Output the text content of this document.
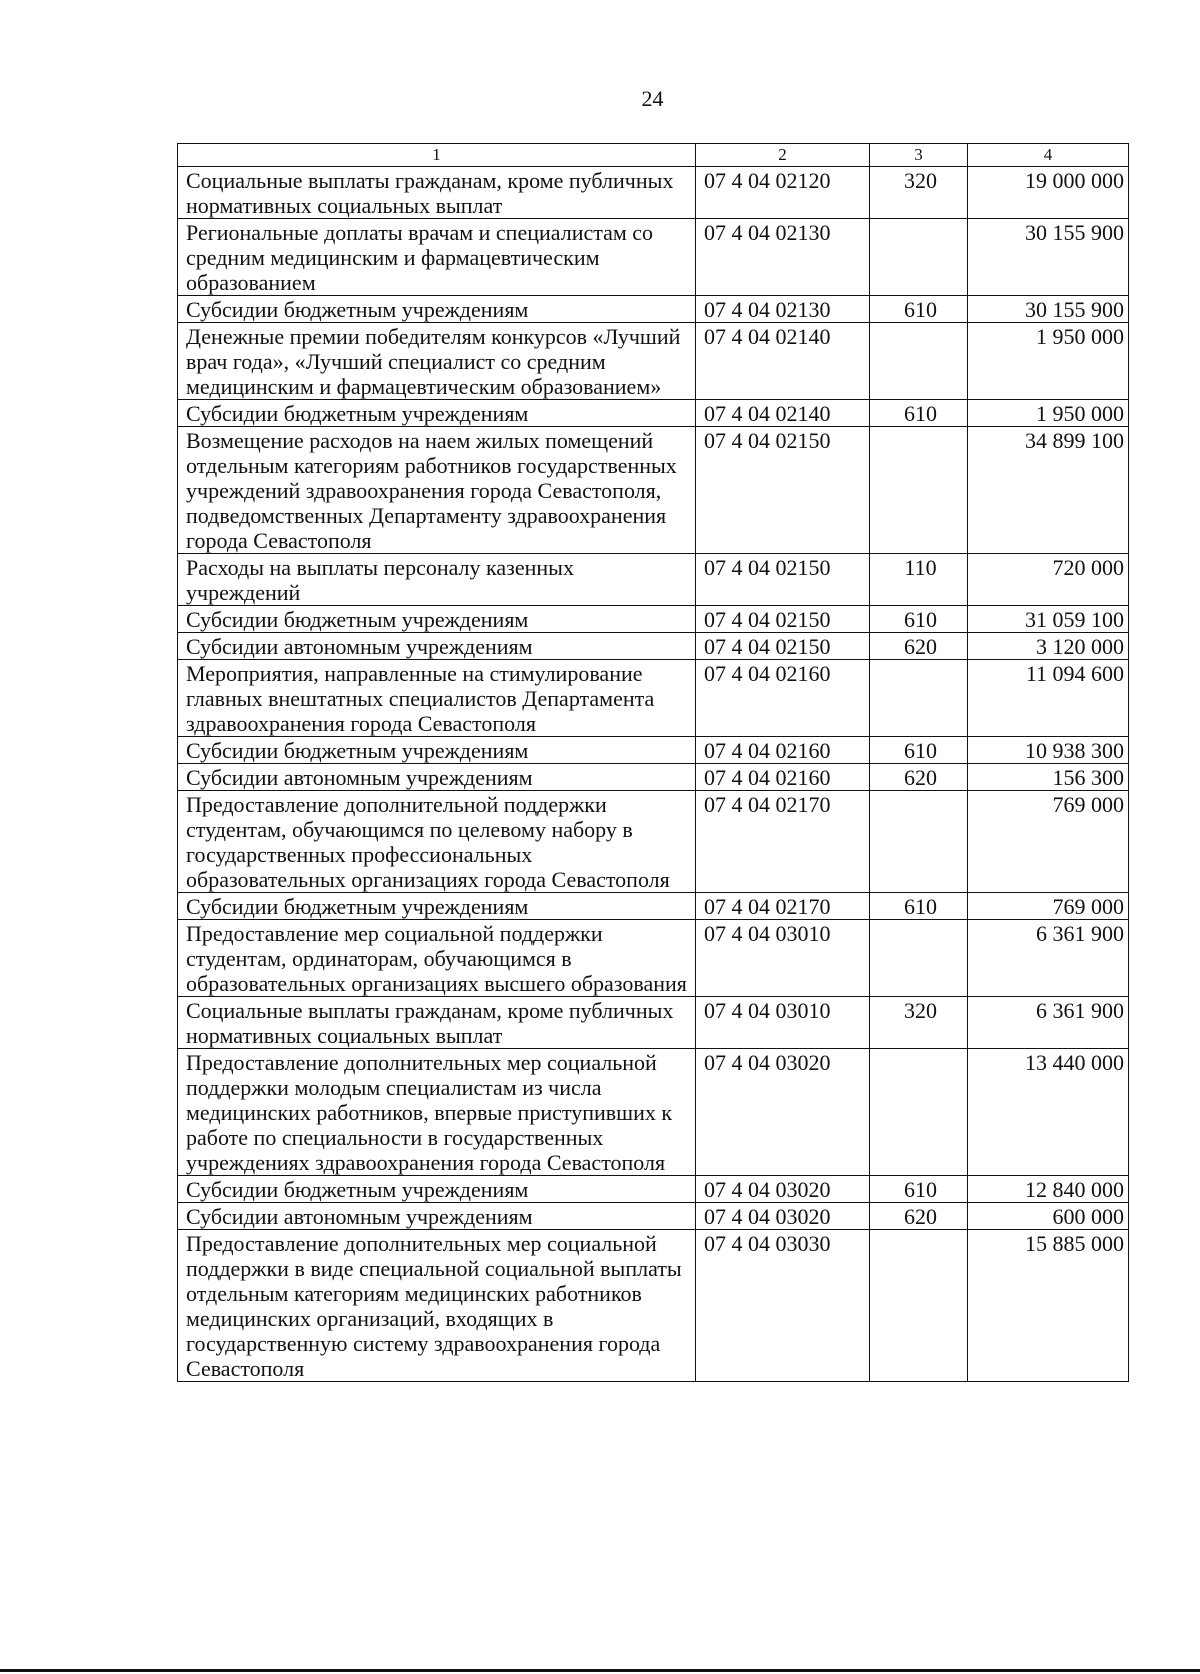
24
1	2	3	4
Социальные выплаты гражданам, кроме публичных нормативных социальных выплат	07 4 04 02120	320	19 000 000
Региональные доплаты врачам и специалистам со средним медицинским и фармацевтическим образованием	07 4 04 02130		30 155 900
Субсидии бюджетным учреждениям	07 4 04 02130	610	30 155 900
Денежные премии победителям конкурсов «Лучший врач года», «Лучший специалист со средним медицинским и фармацевтическим образованием»	07 4 04 02140		1 950 000
Субсидии бюджетным учреждениям	07 4 04 02140	610	1 950 000
Возмещение расходов на наем жилых помещений отдельным категориям работников государственных учреждений здравоохранения города Севастополя, подведомственных Департаменту здравоохранения города Севастополя	07 4 04 02150		34 899 100
Расходы на выплаты персоналу казенных учреждений	07 4 04 02150	110	720 000
Субсидии бюджетным учреждениям	07 4 04 02150	610	31 059 100
Субсидии автономным учреждениям	07 4 04 02150	620	3 120 000
Мероприятия, направленные на стимулирование главных внештатных специалистов Департамента здравоохранения города Севастополя	07 4 04 02160		11 094 600
Субсидии бюджетным учреждениям	07 4 04 02160	610	10 938 300
Субсидии автономным учреждениям	07 4 04 02160	620	156 300
Предоставление дополнительной поддержки студентам, обучающимся по целевому набору в государственных профессиональных образовательных организациях города Севастополя	07 4 04 02170		769 000
Субсидии бюджетным учреждениям	07 4 04 02170	610	769 000
Предоставление мер социальной поддержки студентам, ординаторам, обучающимся в образовательных организациях высшего образования	07 4 04 03010		6 361 900
Социальные выплаты гражданам, кроме публичных нормативных социальных выплат	07 4 04 03010	320	6 361 900
Предоставление дополнительных мер социальной поддержки молодым специалистам из числа медицинских работников, впервые приступивших к работе по специальности в государственных учреждениях здравоохранения города Севастополя	07 4 04 03020		13 440 000
Субсидии бюджетным учреждениям	07 4 04 03020	610	12 840 000
Субсидии автономным учреждениям	07 4 04 03020	620	600 000
Предоставление дополнительных мер социальной поддержки в виде специальной социальной выплаты отдельным категориям медицинских работников медицинских организаций, входящих в государственную систему здравоохранения города Севастополя	07 4 04 03030		15 885 000
